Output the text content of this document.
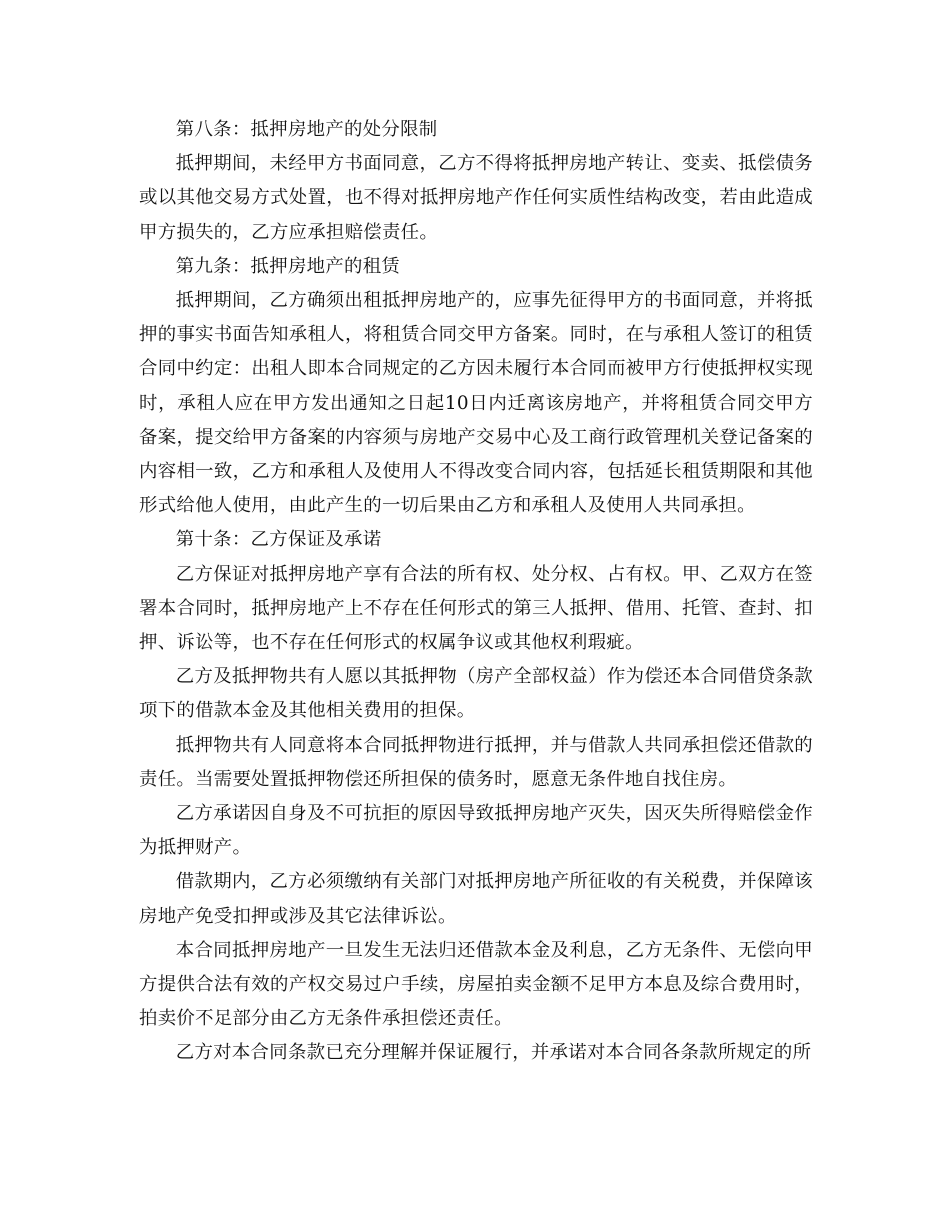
第八条：抵押房地产的处分限制

抵押期间，未经甲方书面同意，乙方不得将抵押房地产转让、变卖、抵偿债务或以其他交易方式处置，也不得对抵押房地产作任何实质性结构改变，若由此造成甲方损失的，乙方应承担赔偿责任。

第九条：抵押房地产的租赁

抵押期间，乙方确须出租抵押房地产的，应事先征得甲方的书面同意，并将抵押的事实书面告知承租人，将租赁合同交甲方备案。同时，在与承租人签订的租赁合同中约定：出租人即本合同规定的乙方因未履行本合同而被甲方行使抵押权实现时，承租人应在甲方发出通知之日起10日内迁离该房地产，并将租赁合同交甲方备案，提交给甲方备案的内容须与房地产交易中心及工商行政管理机关登记备案的内容相一致，乙方和承租人及使用人不得改变合同内容，包括延长租赁期限和其他形式给他人使用，由此产生的一切后果由乙方和承租人及使用人共同承担。

第十条：乙方保证及承诺

乙方保证对抵押房地产享有合法的所有权、处分权、占有权。甲、乙双方在签署本合同时，抵押房地产上不存在任何形式的第三人抵押、借用、托管、查封、扣押、诉讼等，也不存在任何形式的权属争议或其他权利瑕疵。

乙方及抵押物共有人愿以其抵押物（房产全部权益）作为偿还本合同借贷条款项下的借款本金及其他相关费用的担保。

抵押物共有人同意将本合同抵押物进行抵押，并与借款人共同承担偿还借款的责任。当需要处置抵押物偿还所担保的债务时，愿意无条件地自找住房。

乙方承诺因自身及不可抗拒的原因导致抵押房地产灭失，因灭失所得赔偿金作为抵押财产。

借款期内，乙方必须缴纳有关部门对抵押房地产所征收的有关税费，并保障该房地产免受扣押或涉及其它法律诉讼。

本合同抵押房地产一旦发生无法归还借款本金及利息，乙方无条件、无偿向甲方提供合法有效的产权交易过户手续，房屋拍卖金额不足甲方本息及综合费用时，拍卖价不足部分由乙方无条件承担偿还责任。

乙方对本合同条款已充分理解并保证履行，并承诺对本合同各条款所规定的所
